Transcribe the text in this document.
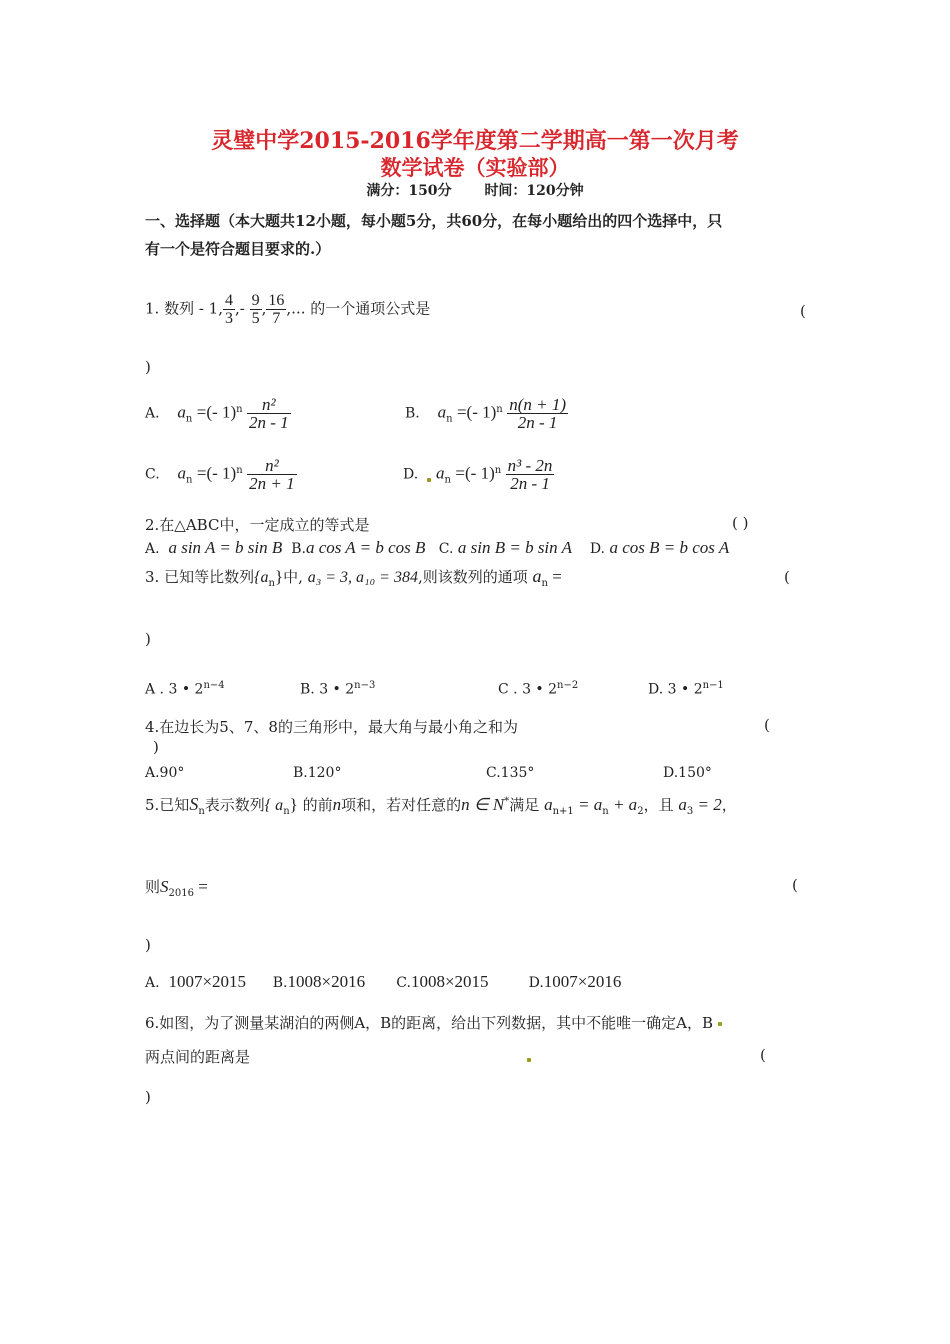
灵璧中学2015-2016学年度第二学期高一第一次月考
数学试卷（实验部）
满分：150分 时间：120分钟
一、选择题（本大题共12小题，每小题5分，共60分，在每小题给出的四个选择中，只
有一个是符合题目要求的.）
1. 数列 - 1, $\frac{4}{3}$ ,- $\frac{9}{5}$ , $\frac{16}{7}$ ,... 的一个通项公式是	(
)
A. $a_n$ =(- $1)^n \frac{\text{n²}}{2n - 1}$	B. $a_n$ =(- $1)^n \frac{n(n + 1)}{2n - 1}$
C. $a_n$ =(- $1)^n \frac{\text{n²}}{2n + 1}$	D. $a_n$ =(- $1)^n \frac{\text{n³ - 2n}}{2n - 1}$
2.在△ABC中，一定成立的等式是	( )
A. a sin A = b sin B B.a cos A = b cos B C. a sin B = b sin A D. a cos B = b cos A
3. 已知等比数列$\{a_n\}$中, a₃ = 3, a₁₀ = 384,则该数列的通项 $a_n$ =	(
)
A . 3 • $2^{n-4}$	B. 3 • $2^{n-3}$	C . 3 • $2^{n-2}$	D. 3 • $2^{n-1}$
4.在边长为5、7、8的三角形中，最大角与最小角之和为	(
)
A.90°	B.120°	C.135°	D.150°
5.已知$S_n$表示数列{ $a_n$} 的前n项和，若对任意的n ∈ N*满足 $a_{n+1} = a_n + a_2$，且 $a_3 = 2$，
则$S_{2016}$ =	(
)
A. 1007×2015 B.1008×2016 C.1008×2015	D.1007×2016
6.如图，为了测量某湖泊的两侧A，B的距离，给出下列数据，其中不能唯一确定A，B
两点间的距离是	(
)
